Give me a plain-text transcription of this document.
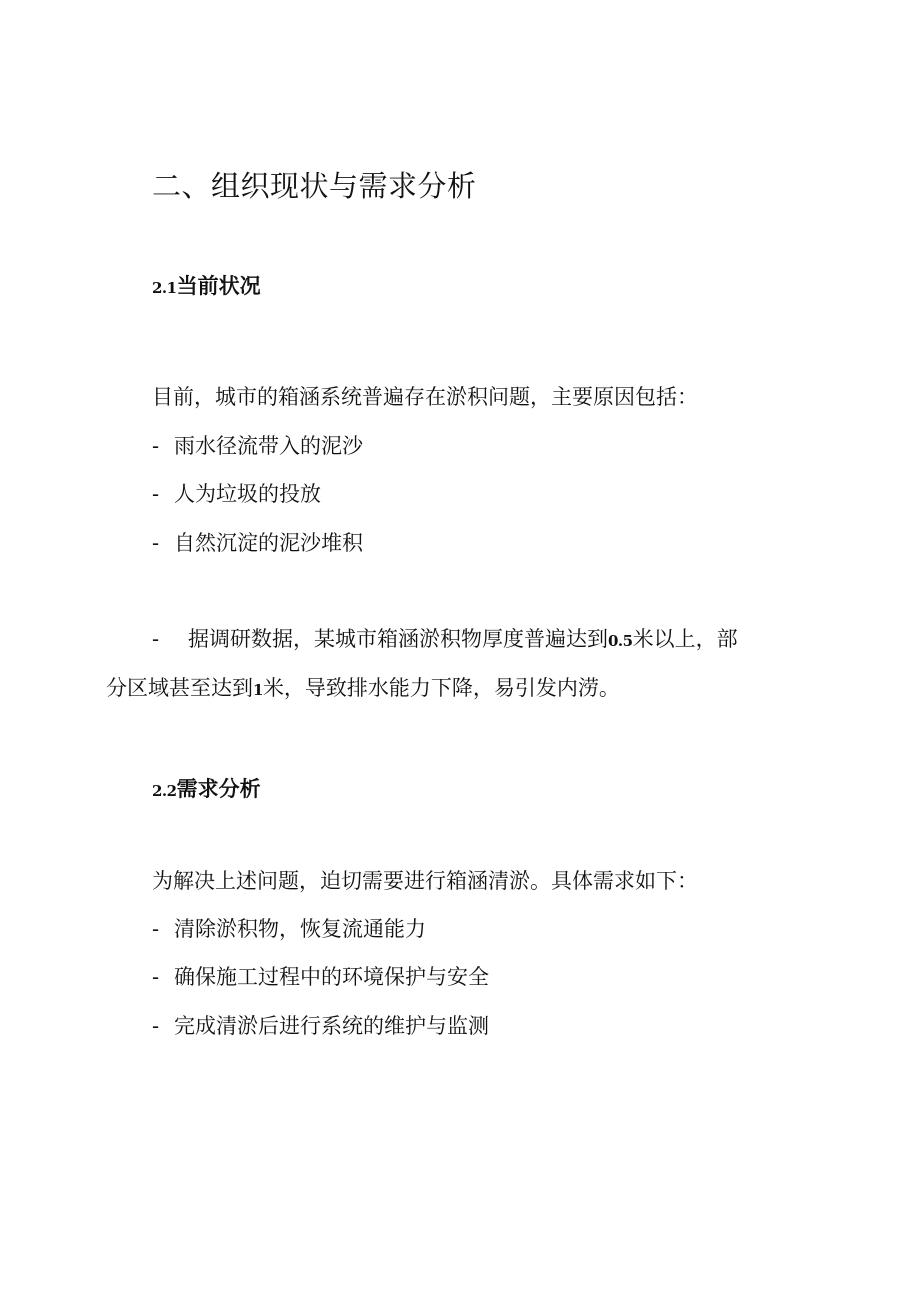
二、组织现状与需求分析
2.1当前状况

目前，城市的箱涵系统普遍存在淤积问题，主要原因包括：

- 雨水径流带入的泥沙

- 人为垃圾的投放

- 自然沉淀的泥沙堆积

- 据调研数据，某城市箱涵淤积物厚度普遍达到0.5米以上，部

分区域甚至达到1米，导致排水能力下降，易引发内涝。

2.2需求分析

为解决上述问题，迫切需要进行箱涵清淤。具体需求如下：

- 清除淤积物，恢复流通能力

- 确保施工过程中的环境保护与安全

- 完成清淤后进行系统的维护与监测
